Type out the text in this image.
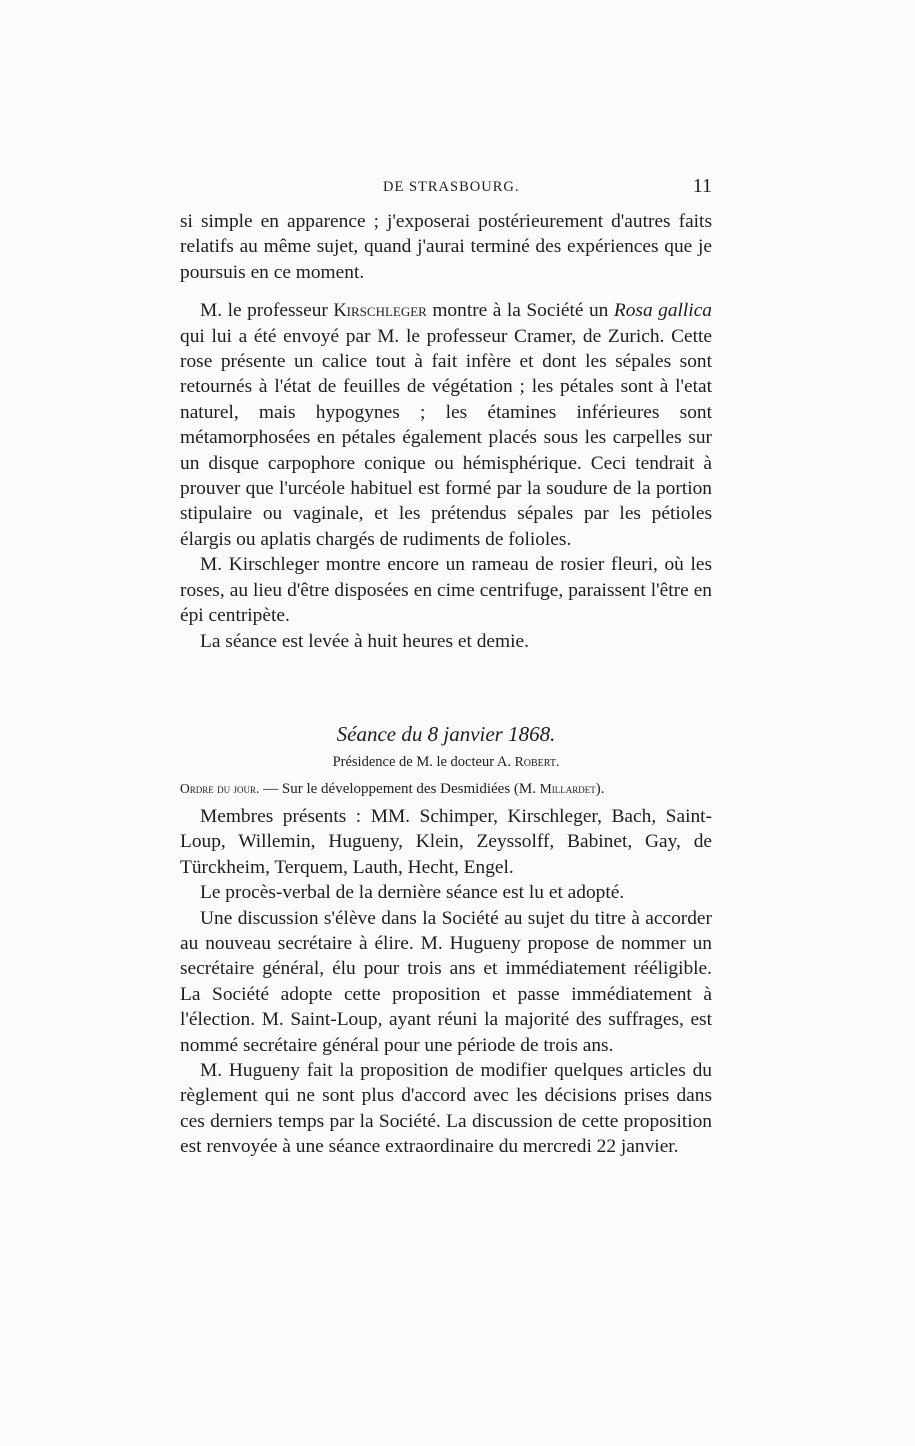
DE STRASBOURG.	11

si simple en apparence ; j'exposerai postérieurement d'autres faits relatifs au même sujet, quand j'aurai terminé des expériences que je poursuis en ce moment.

M. le professeur Kirschleger montre à la Société un Rosa gallica qui lui a été envoyé par M. le professeur Cramer, de Zurich. Cette rose présente un calice tout à fait infère et dont les sépales sont retournés à l'état de feuilles de végétation ; les pétales sont à l'etat naturel, mais hypogynes ; les étamines inférieures sont métamorphosées en pétales également placés sous les carpelles sur un disque carpophore conique ou hémisphérique. Ceci tendrait à prouver que l'urcéole habituel est formé par la soudure de la portion stipulaire ou vaginale, et les prétendus sépales par les pétioles élargis ou aplatis chargés de rudiments de folioles.

M. Kirschleger montre encore un rameau de rosier fleuri, où les roses, au lieu d'être disposées en cime centrifuge, paraissent l'être en épi centripète.

La séance est levée à huit heures et demie.

Séance du 8 janvier 1868.

Présidence de M. le docteur A. Robert.

Ordre du jour. — Sur le développement des Desmidiées (M. Millardet).

Membres présents : MM. Schimper, Kirschleger, Bach, Saint-Loup, Willemin, Hugueny, Klein, Zeyssolff, Babinet, Gay, de Türckheim, Terquem, Lauth, Hecht, Engel.

Le procès-verbal de la dernière séance est lu et adopté.

Une discussion s'élève dans la Société au sujet du titre à accorder au nouveau secrétaire à élire. M. Hugueny propose de nommer un secrétaire général, élu pour trois ans et immédiatement rééligible. La Société adopte cette proposition et passe immédiatement à l'élection. M. Saint-Loup, ayant réuni la majorité des suffrages, est nommé secrétaire général pour une période de trois ans.

M. Hugueny fait la proposition de modifier quelques articles du règlement qui ne sont plus d'accord avec les décisions prises dans ces derniers temps par la Société. La discussion de cette proposition est renvoyée à une séance extraordinaire du mercredi 22 janvier.
